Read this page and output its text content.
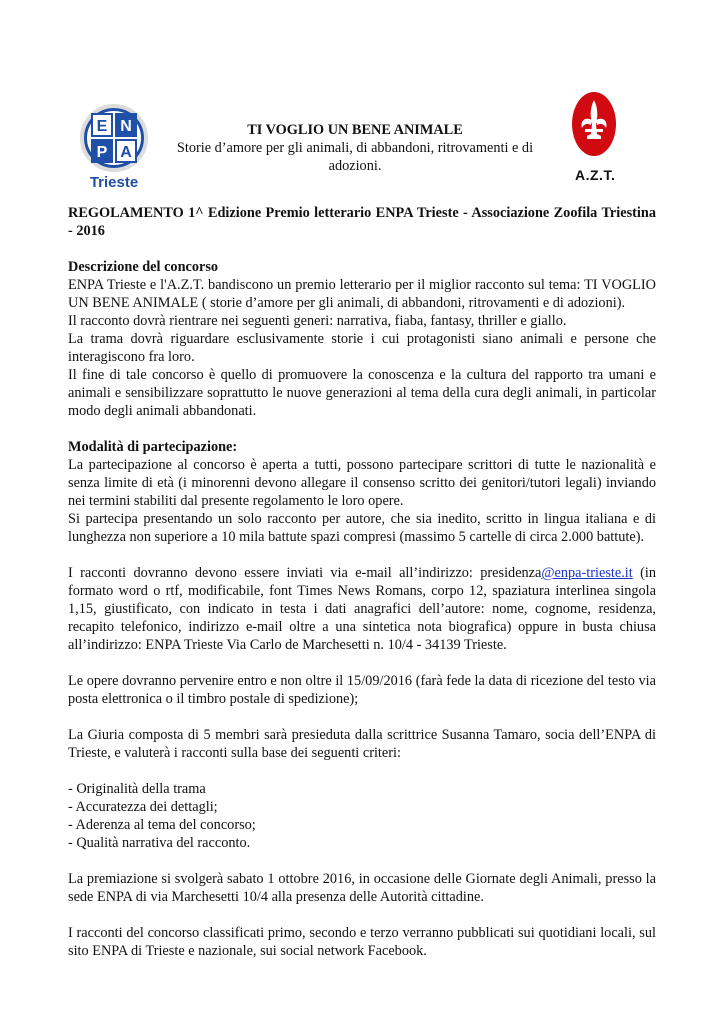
E N
P A
Trieste
TI VOGLIO UN BENE ANIMALE
Storie d’amore per gli animali, di abbandoni, ritrovamenti e di adozioni.
A.Z.T.

REGOLAMENTO 1^ Edizione Premio letterario ENPA Trieste - Associazione Zoofila Triestina - 2016

Descrizione del concorso

ENPA Trieste e l'A.Z.T. bandiscono un premio letterario per il miglior racconto sul tema: TI VOGLIO UN BENE ANIMALE ( storie d’amore per gli animali, di abbandoni, ritrovamenti e di adozioni).

Il racconto dovrà rientrare nei seguenti generi: narrativa, fiaba, fantasy, thriller e giallo.

La trama dovrà riguardare esclusivamente storie i cui protagonisti siano animali e persone che interagiscono fra loro.

Il fine di tale concorso è quello di promuovere la conoscenza e la cultura del rapporto tra umani e animali e sensibilizzare soprattutto le nuove generazioni al tema della cura degli animali, in particolar modo degli animali abbandonati.

Modalità di partecipazione:

La partecipazione al concorso è aperta a tutti, possono partecipare scrittori di tutte le nazionalità e senza limite di età (i minorenni devono allegare il consenso scritto dei genitori/tutori legali) inviando nei termini stabiliti dal presente regolamento le loro opere.

Si partecipa presentando un solo racconto per autore, che sia inedito, scritto in lingua italiana e di lunghezza non superiore a 10 mila battute spazi compresi (massimo 5 cartelle di circa 2.000 battute).

I racconti dovranno devono essere inviati via e-mail all’indirizzo: presidenza@enpa-trieste.it (in formato word o rtf, modificabile, font Times News Romans, corpo 12, spaziatura interlinea singola 1,15, giustificato, con indicato in testa i dati anagrafici dell’autore: nome, cognome, residenza, recapito telefonico, indirizzo e-mail oltre a una sintetica nota biografica) oppure in busta chiusa all’indirizzo: ENPA Trieste Via Carlo de Marchesetti n. 10/4 - 34139 Trieste.

Le opere dovranno pervenire entro e non oltre il 15/09/2016 (farà fede la data di ricezione del testo via posta elettronica o il timbro postale di spedizione);

La Giuria composta di 5 membri sarà presieduta dalla scrittrice Susanna Tamaro, socia dell’ENPA di Trieste, e valuterà i racconti sulla base dei seguenti criteri:

- Originalità della trama

- Accuratezza dei dettagli;

- Aderenza al tema del concorso;

- Qualità narrativa del racconto.

La premiazione si svolgerà sabato 1 ottobre 2016, in occasione delle Giornate degli Animali, presso la sede ENPA di via Marchesetti 10/4 alla presenza delle Autorità cittadine.

I racconti del concorso classificati primo, secondo e terzo verranno pubblicati sui quotidiani locali, sul sito ENPA di Trieste e nazionale, sui social network Facebook.
